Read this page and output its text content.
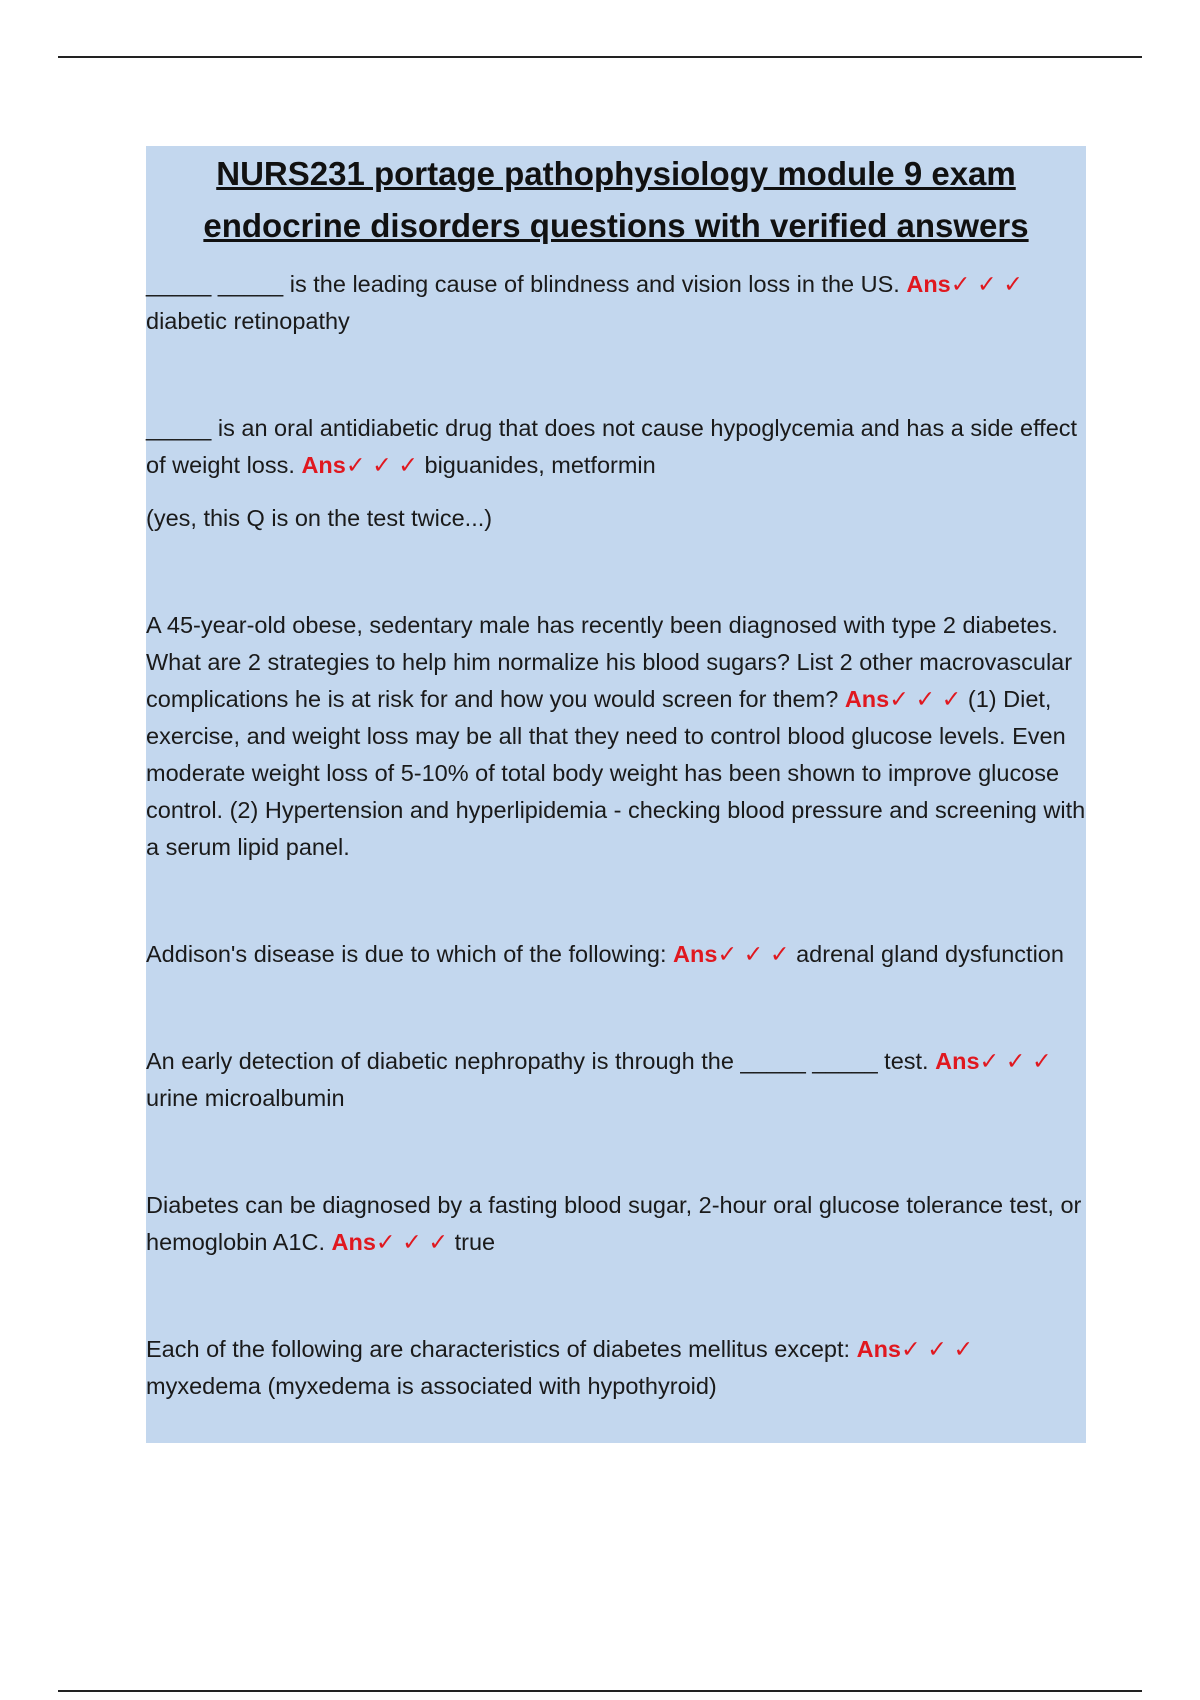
NURS231 portage pathophysiology module 9 exam
endocrine disorders questions with verified answers

_____ _____ is the leading cause of blindness and vision loss in the US. Ans✓ ✓ ✓ diabetic retinopathy

_____ is an oral antidiabetic drug that does not cause hypoglycemia and has a side effect of weight loss. Ans✓ ✓ ✓ biguanides, metformin

(yes, this Q is on the test twice...)

A 45-year-old obese, sedentary male has recently been diagnosed with type 2 diabetes. What are 2 strategies to help him normalize his blood sugars? List 2 other macrovascular complications he is at risk for and how you would screen for them? Ans✓ ✓ ✓ (1) Diet, exercise, and weight loss may be all that they need to control blood glucose levels. Even moderate weight loss of 5-10% of total body weight has been shown to improve glucose control. (2) Hypertension and hyperlipidemia - checking blood pressure and screening with a serum lipid panel.

Addison's disease is due to which of the following: Ans✓ ✓ ✓ adrenal gland dysfunction

An early detection of diabetic nephropathy is through the _____ _____ test. Ans✓ ✓ ✓ urine microalbumin

Diabetes can be diagnosed by a fasting blood sugar, 2-hour oral glucose tolerance test, or hemoglobin A1C. Ans✓ ✓ ✓ true

Each of the following are characteristics of diabetes mellitus except: Ans✓ ✓ ✓ myxedema (myxedema is associated with hypothyroid)
